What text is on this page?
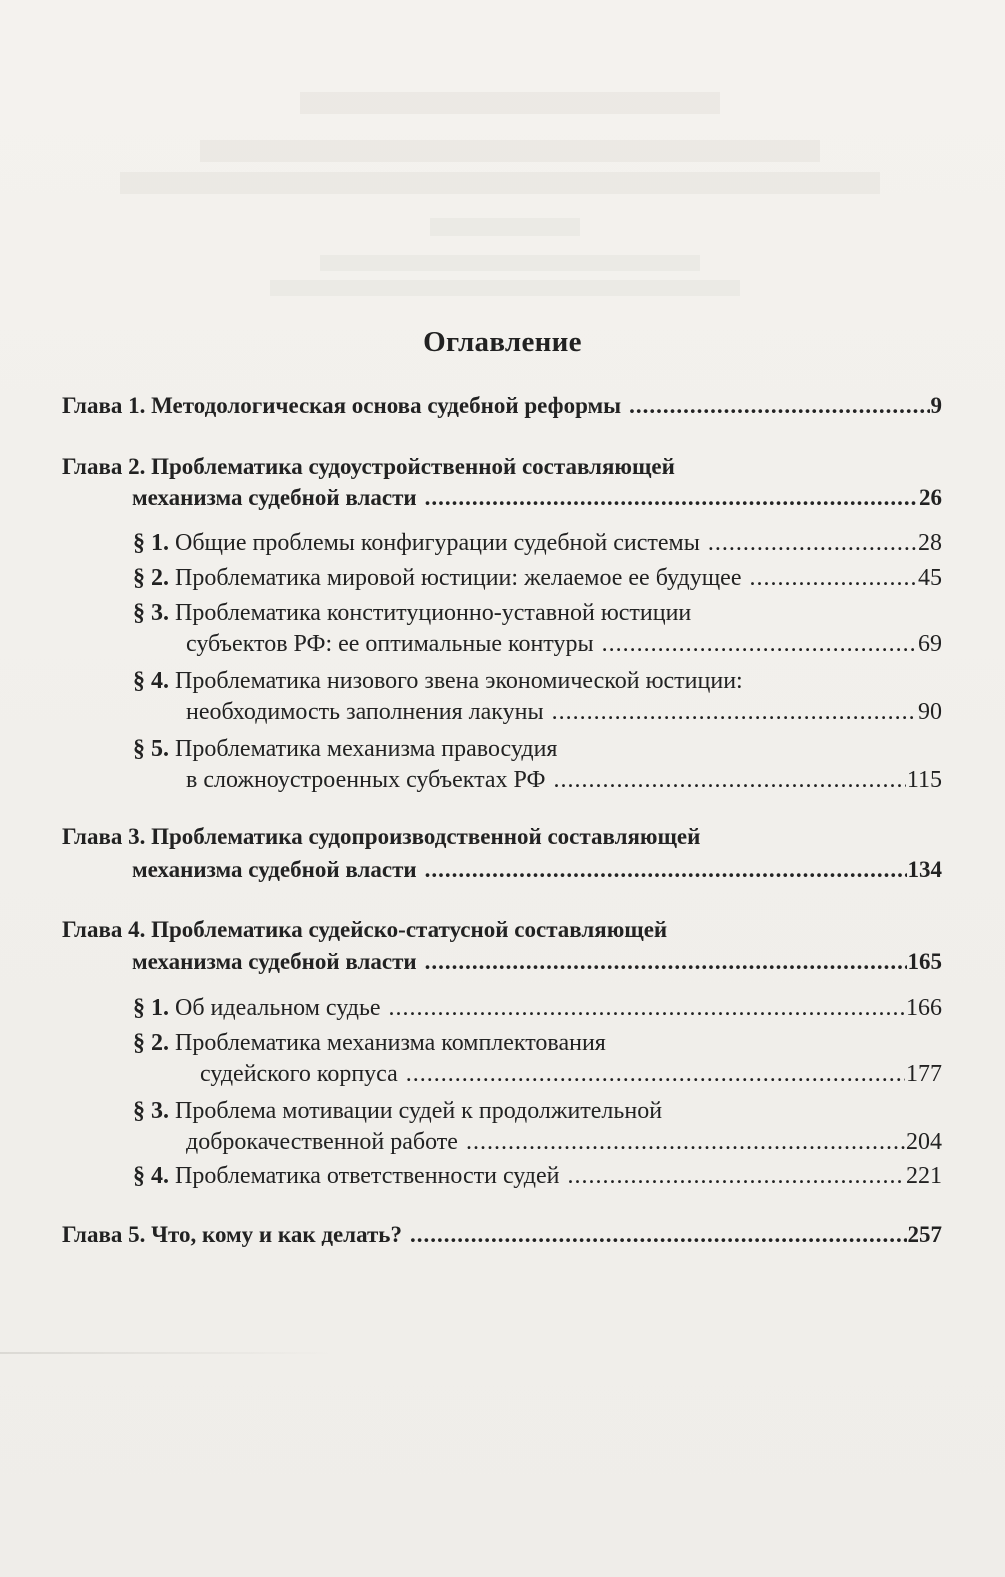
Оглавление
Глава 1. Методологическая основа судебной реформы .....	9
Глава 2. Проблематика судоустройственной составляющей
механизма судебной власти .....	26
§ 1. Общие проблемы конфигурации судебной системы .....	28
§ 2. Проблематика мировой юстиции: желаемое ее будущее .....	45
§ 3. Проблематика конституционно-уставной юстиции
субъектов РФ: ее оптимальные контуры .....	69
§ 4. Проблематика низового звена экономической юстиции:
необходимость заполнения лакуны .....	90
§ 5. Проблематика механизма правосудия
в сложноустроенных субъектах РФ .....	115
Глава 3. Проблематика судопроизводственной составляющей
механизма судебной власти .....	134
Глава 4. Проблематика судейско-статусной составляющей
механизма судебной власти .....	165
§ 1. Об идеальном судье .....	166
§ 2. Проблематика механизма комплектования
судейского корпуса .....	177
§ 3. Проблема мотивации судей к продолжительной
доброкачественной работе .....	204
§ 4. Проблематика ответственности судей .....	221
Глава 5. Что, кому и как делать? .....	257
